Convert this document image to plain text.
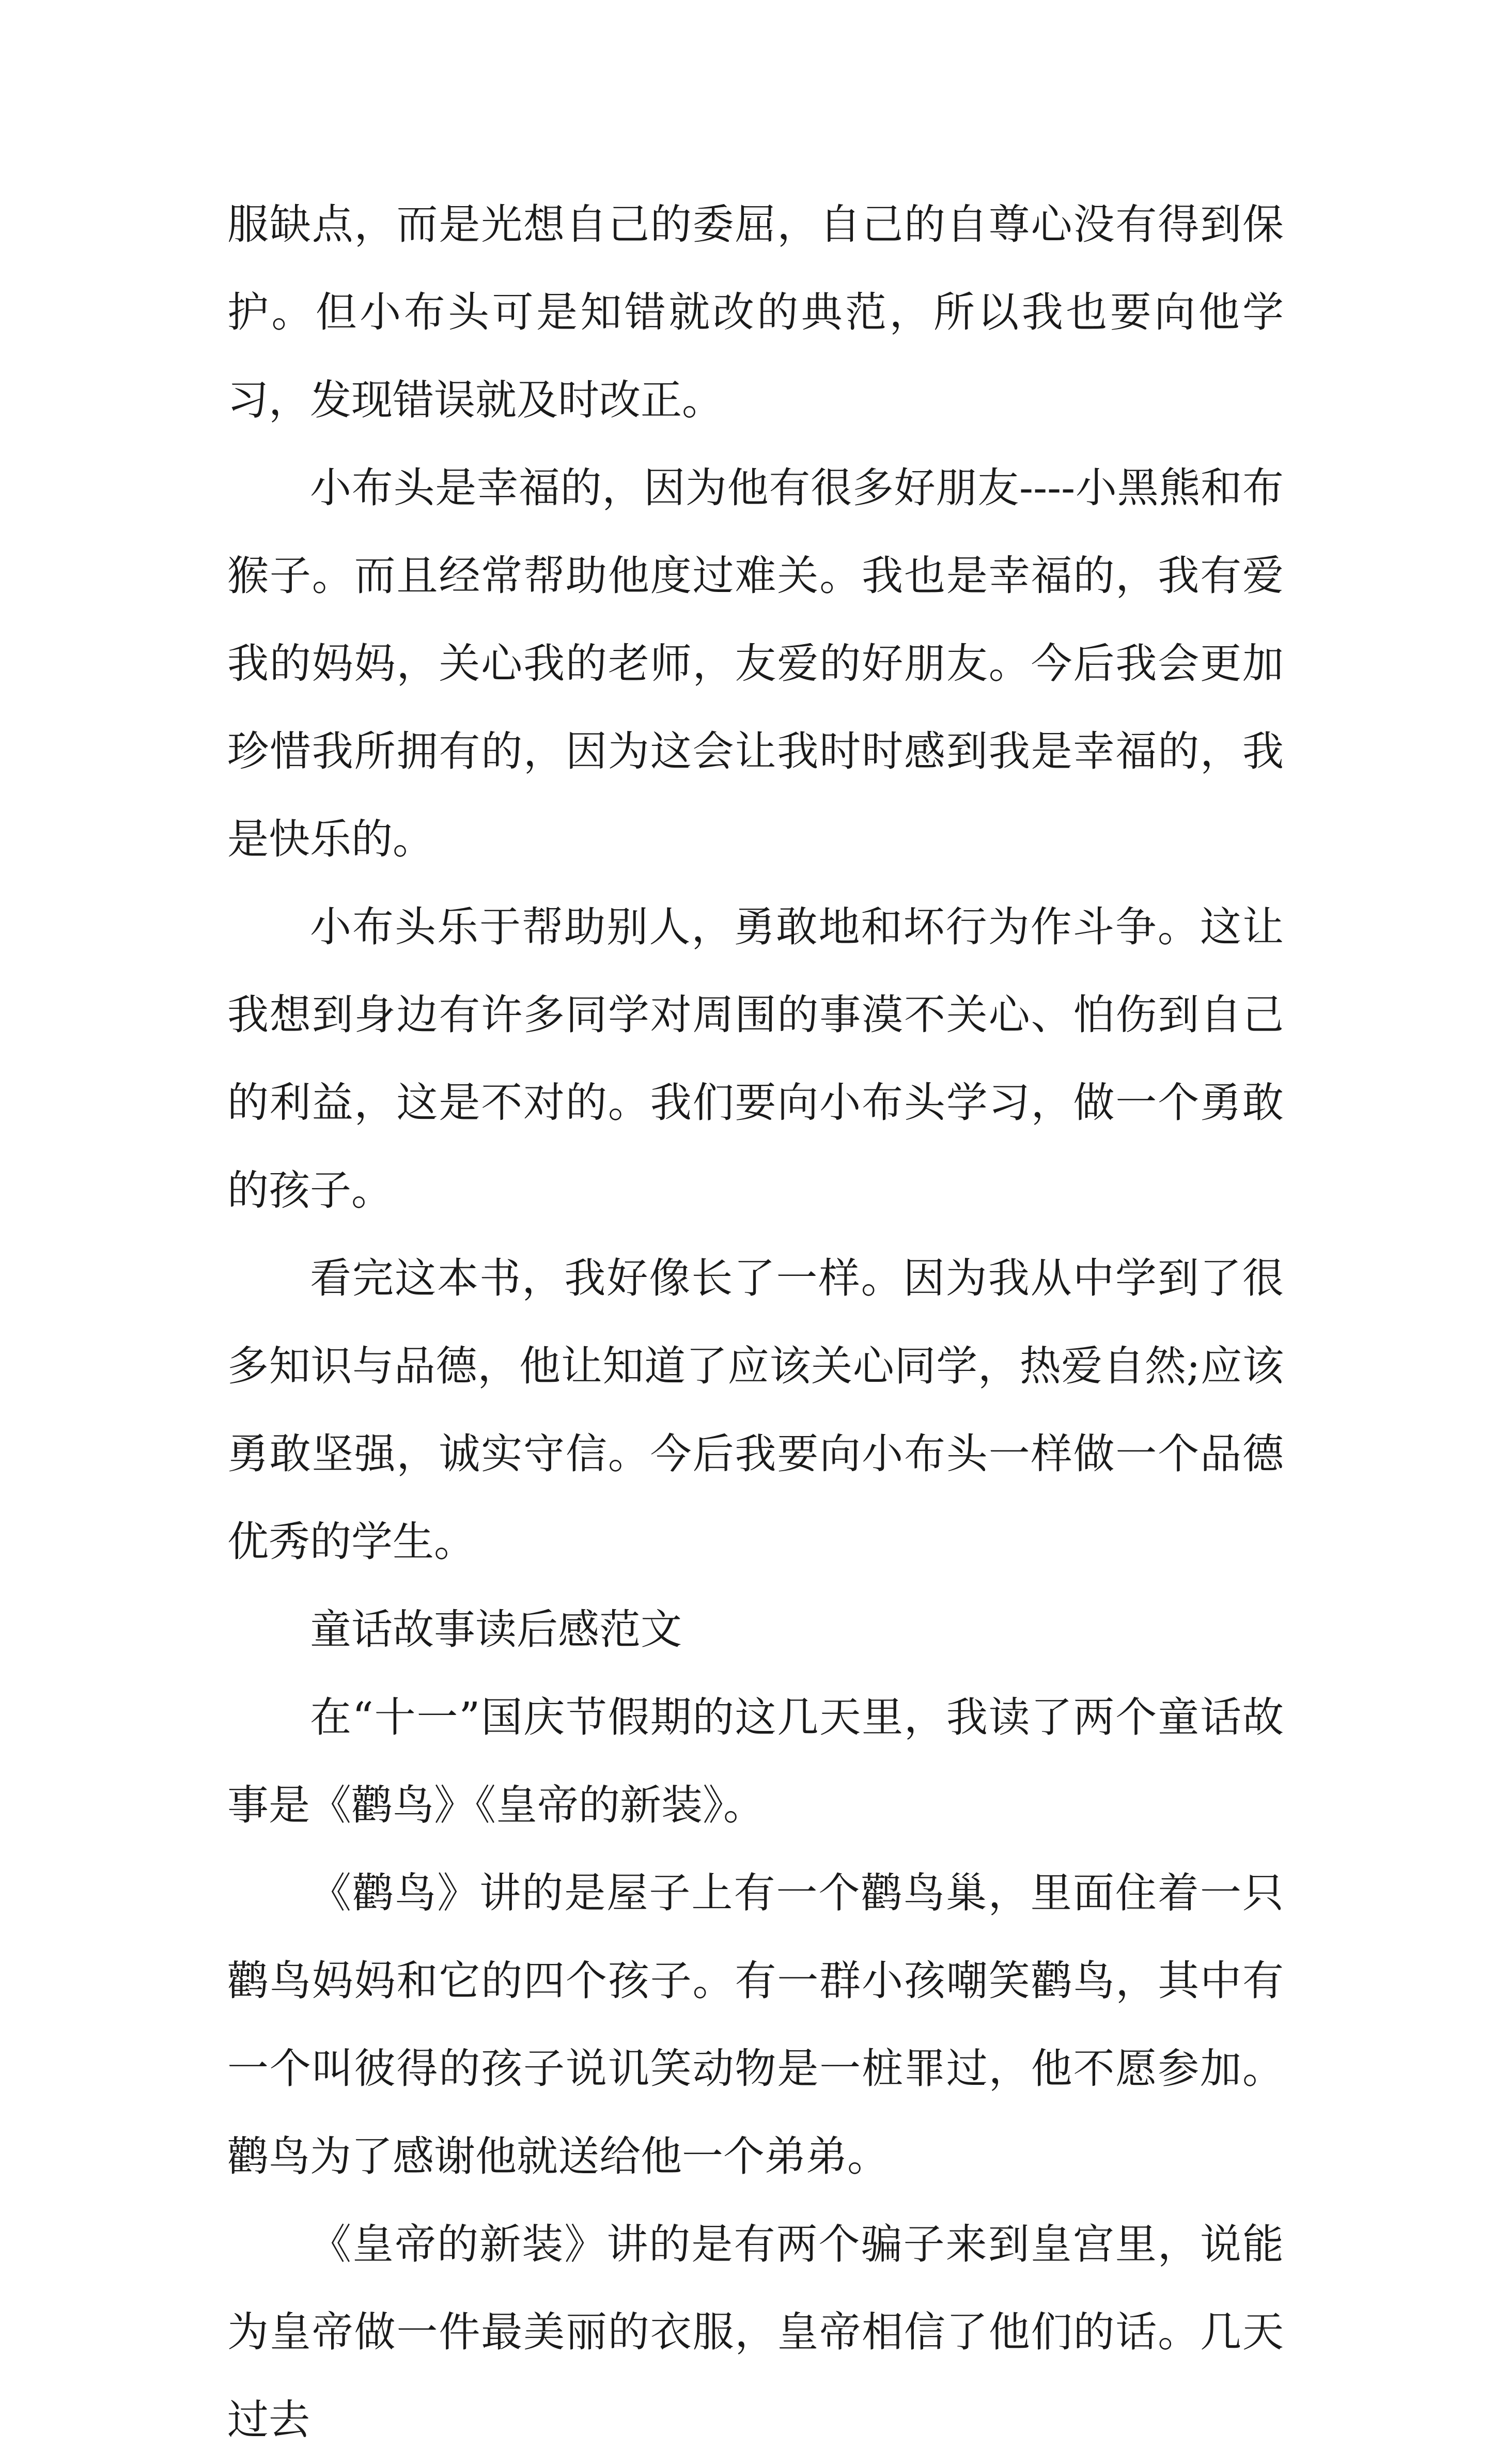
服缺点，而是光想自己的委屈，自己的自尊心没有得到保护。但小布头可是知错就改的典范，所以我也要向他学习，发现错误就及时改正。

小布头是幸福的，因为他有很多好朋友----小黑熊和布猴子。而且经常帮助他度过难关。我也是幸福的，我有爱我的妈妈，关心我的老师，友爱的好朋友。今后我会更加珍惜我所拥有的，因为这会让我时时感到我是幸福的，我是快乐的。

小布头乐于帮助别人，勇敢地和坏行为作斗争。这让我想到身边有许多同学对周围的事漠不关心、怕伤到自己的利益，这是不对的。我们要向小布头学习，做一个勇敢的孩子。

看完这本书，我好像长了一样。因为我从中学到了很多知识与品德，他让知道了应该关心同学，热爱自然;应该勇敢坚强，诚实守信。今后我要向小布头一样做一个品德优秀的学生。

童话故事读后感范文

在“十一”国庆节假期的这几天里，我读了两个童话故事是《鹳鸟》《皇帝的新装》。

《鹳鸟》讲的是屋子上有一个鹳鸟巢，里面住着一只鹳鸟妈妈和它的四个孩子。有一群小孩嘲笑鹳鸟，其中有一个叫彼得的孩子说讥笑动物是一桩罪过，他不愿参加。鹳鸟为了感谢他就送给他一个弟弟。

《皇帝的新装》讲的是有两个骗子来到皇宫里，说能为皇帝做一件最美丽的衣服，皇帝相信了他们的话。几天过去
